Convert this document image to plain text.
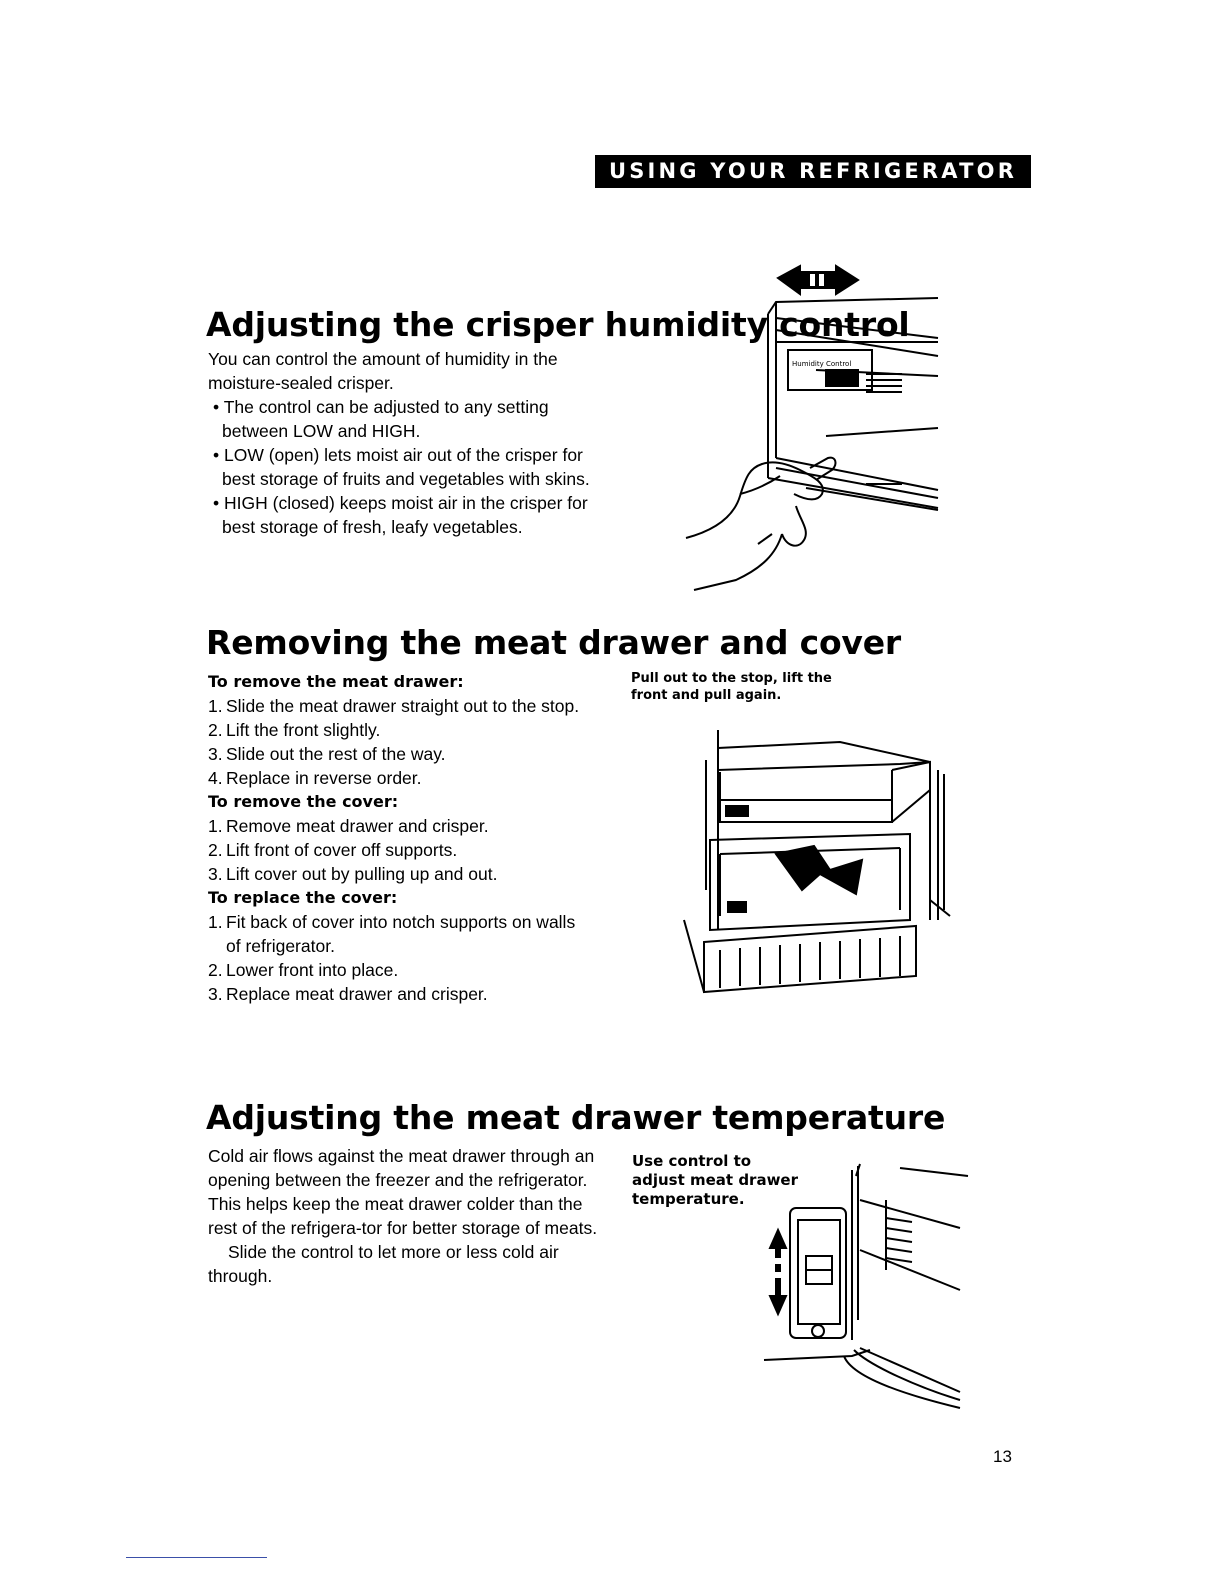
USING YOUR REFRIGERATOR
Adjusting the crisper humidity control

You can control the amount of humidity in the moisture-sealed crisper.

• The control can be adjusted to any setting between LOW and HIGH.
• LOW (open) lets moist air out of the crisper for best storage of fruits and vegetables with skins.
• HIGH (closed) keeps moist air in the crisper for best storage of fresh, leafy vegetables.
Humidity Control
Removing the meat drawer and cover

To remove the meat drawer:

1. Slide the meat drawer straight out to the stop.
2. Lift the front slightly.
3. Slide out the rest of the way.
4. Replace in reverse order.

To remove the cover:

1. Remove meat drawer and crisper.
2. Lift front of cover off supports.
3. Lift cover out by pulling up and out.

To replace the cover:

1. Fit back of cover into notch supports on walls of refrigerator.
2. Lower front into place.
3. Replace meat drawer and crisper.
Pull out to the stop, lift the front and pull again.
Adjusting the meat drawer temperature

Cold air flows against the meat drawer through an opening between the freezer and the refrigerator. This helps keep the meat drawer colder than the rest of the refrigera-tor for better storage of meats.

Slide the control to let more or less cold air through.

Use control to adjust meat drawer temperature.
13
